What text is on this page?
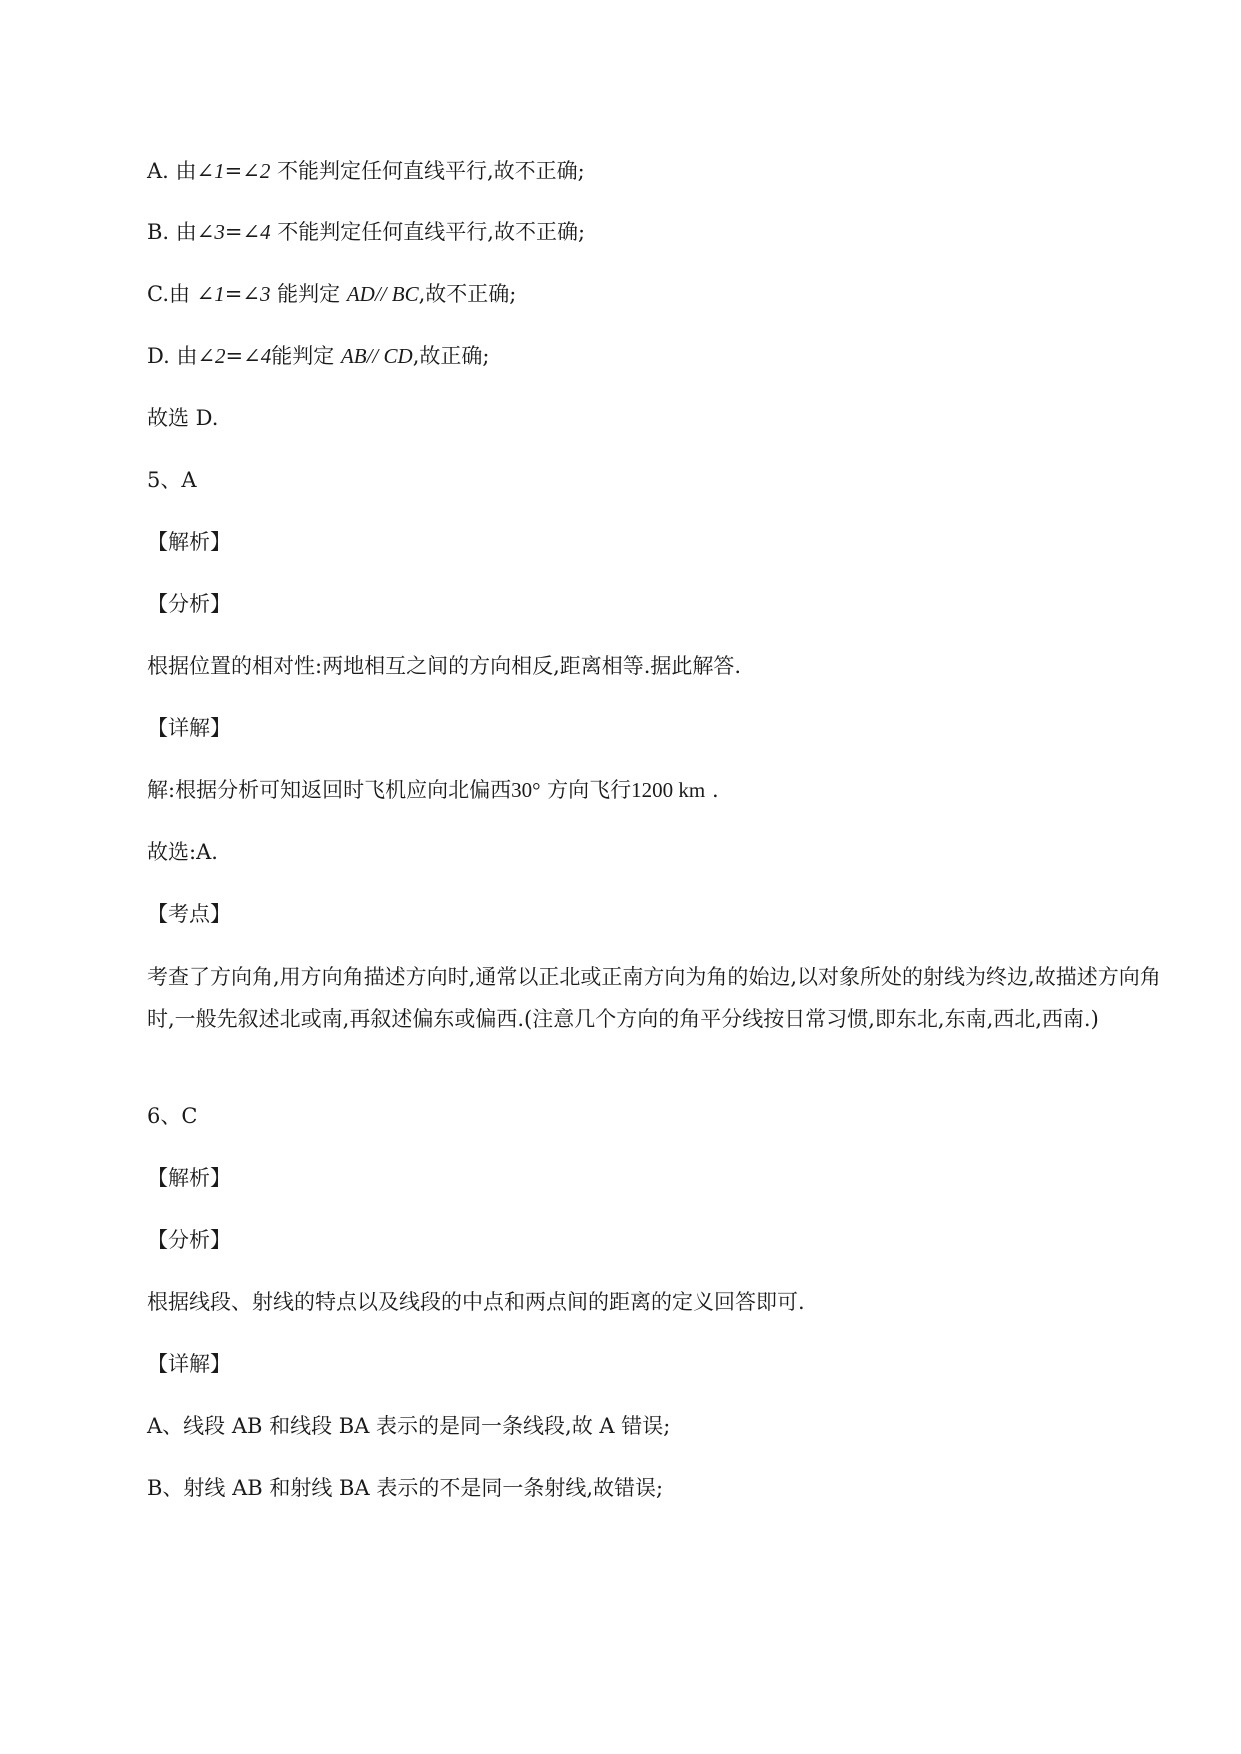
A. 由∠1=∠2 不能判定任何直线平行,故不正确;
B. 由∠3=∠4 不能判定任何直线平行,故不正确;
C.由 ∠1=∠3 能判定 AD// BC,故不正确;
D. 由∠2=∠4能判定 AB// CD,故正确;
故选 D.
5、A
【解析】
【分析】
根据位置的相对性:两地相互之间的方向相反,距离相等.据此解答.
【详解】
解:根据分析可知返回时飞机应向北偏西30° 方向飞行1200 km .
故选:A.
【考点】
考查了方向角,用方向角描述方向时,通常以正北或正南方向为角的始边,以对象所处的射线为终边,故描述方向角时,一般先叙述北或南,再叙述偏东或偏西.(注意几个方向的角平分线按日常习惯,即东北,东南,西北,西南.)
6、C
【解析】
【分析】
根据线段、射线的特点以及线段的中点和两点间的距离的定义回答即可.
【详解】
A、线段 AB 和线段 BA 表示的是同一条线段,故 A 错误;
B、射线 AB 和射线 BA 表示的不是同一条射线,故错误;
